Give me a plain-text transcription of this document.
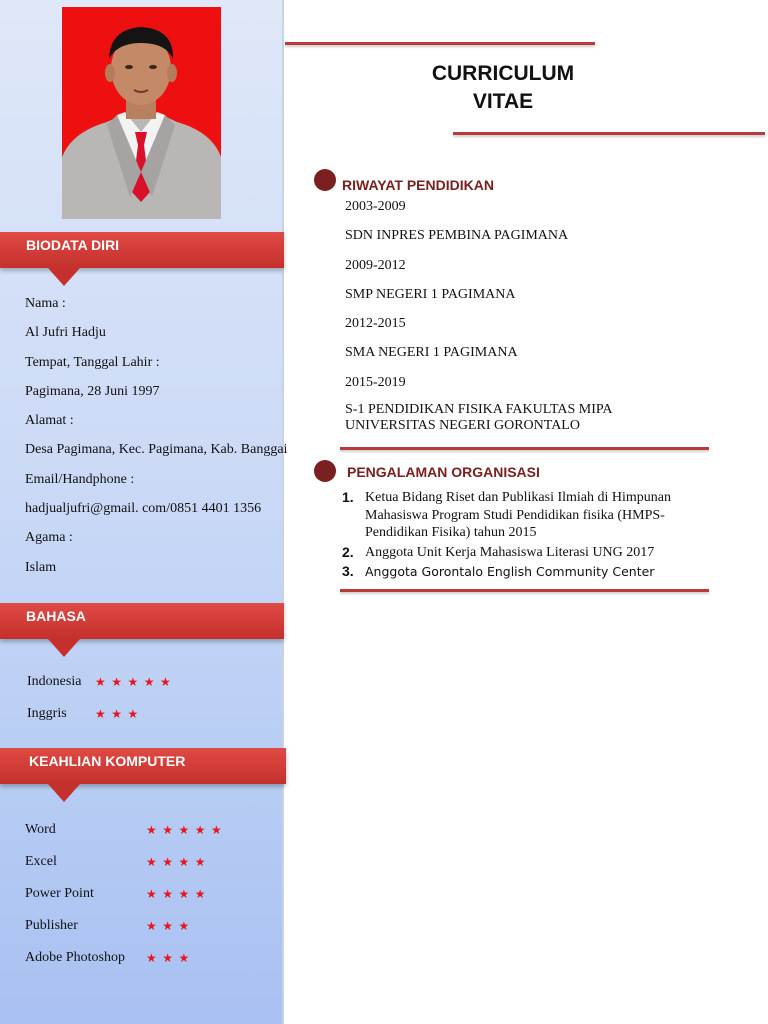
BIODATA DIRI
Nama :
Al Jufri Hadju
Tempat, Tanggal Lahir :
Pagimana, 28 Juni 1997
Alamat :
Desa Pagimana, Kec. Pagimana, Kab. Banggai
Email/Handphone :
hadjualjufri@gmail. com/0851 4401 1356
Agama :
Islam
BAHASA
Indonesia ★★★★★
Inggris ★★★
KEAHLIAN KOMPUTER
Word	★★★★★
Excel	★★★★
Power Point	★★★★
Publisher	★★★
Adobe Photoshop ★★★
CURRICULUM
VITAE
RIWAYAT PENDIDIKAN
2003-2009
SDN INPRES PEMBINA PAGIMANA
2009-2012
SMP NEGERI 1 PAGIMANA
2012-2015
SMA NEGERI 1 PAGIMANA
2015-2019
S-1 PENDIDIKAN FISIKA FAKULTAS MIPA
UNIVERSITAS NEGERI GORONTALO
PENGALAMAN ORGANISASI
1. Ketua Bidang Riset dan Publikasi Ilmiah di Himpunan Mahasiswa Program Studi Pendidikan fisika (HMPS-Pendidikan Fisika) tahun 2015
2. Anggota Unit Kerja Mahasiswa Literasi UNG 2017
3. Anggota Gorontalo English Community Center
